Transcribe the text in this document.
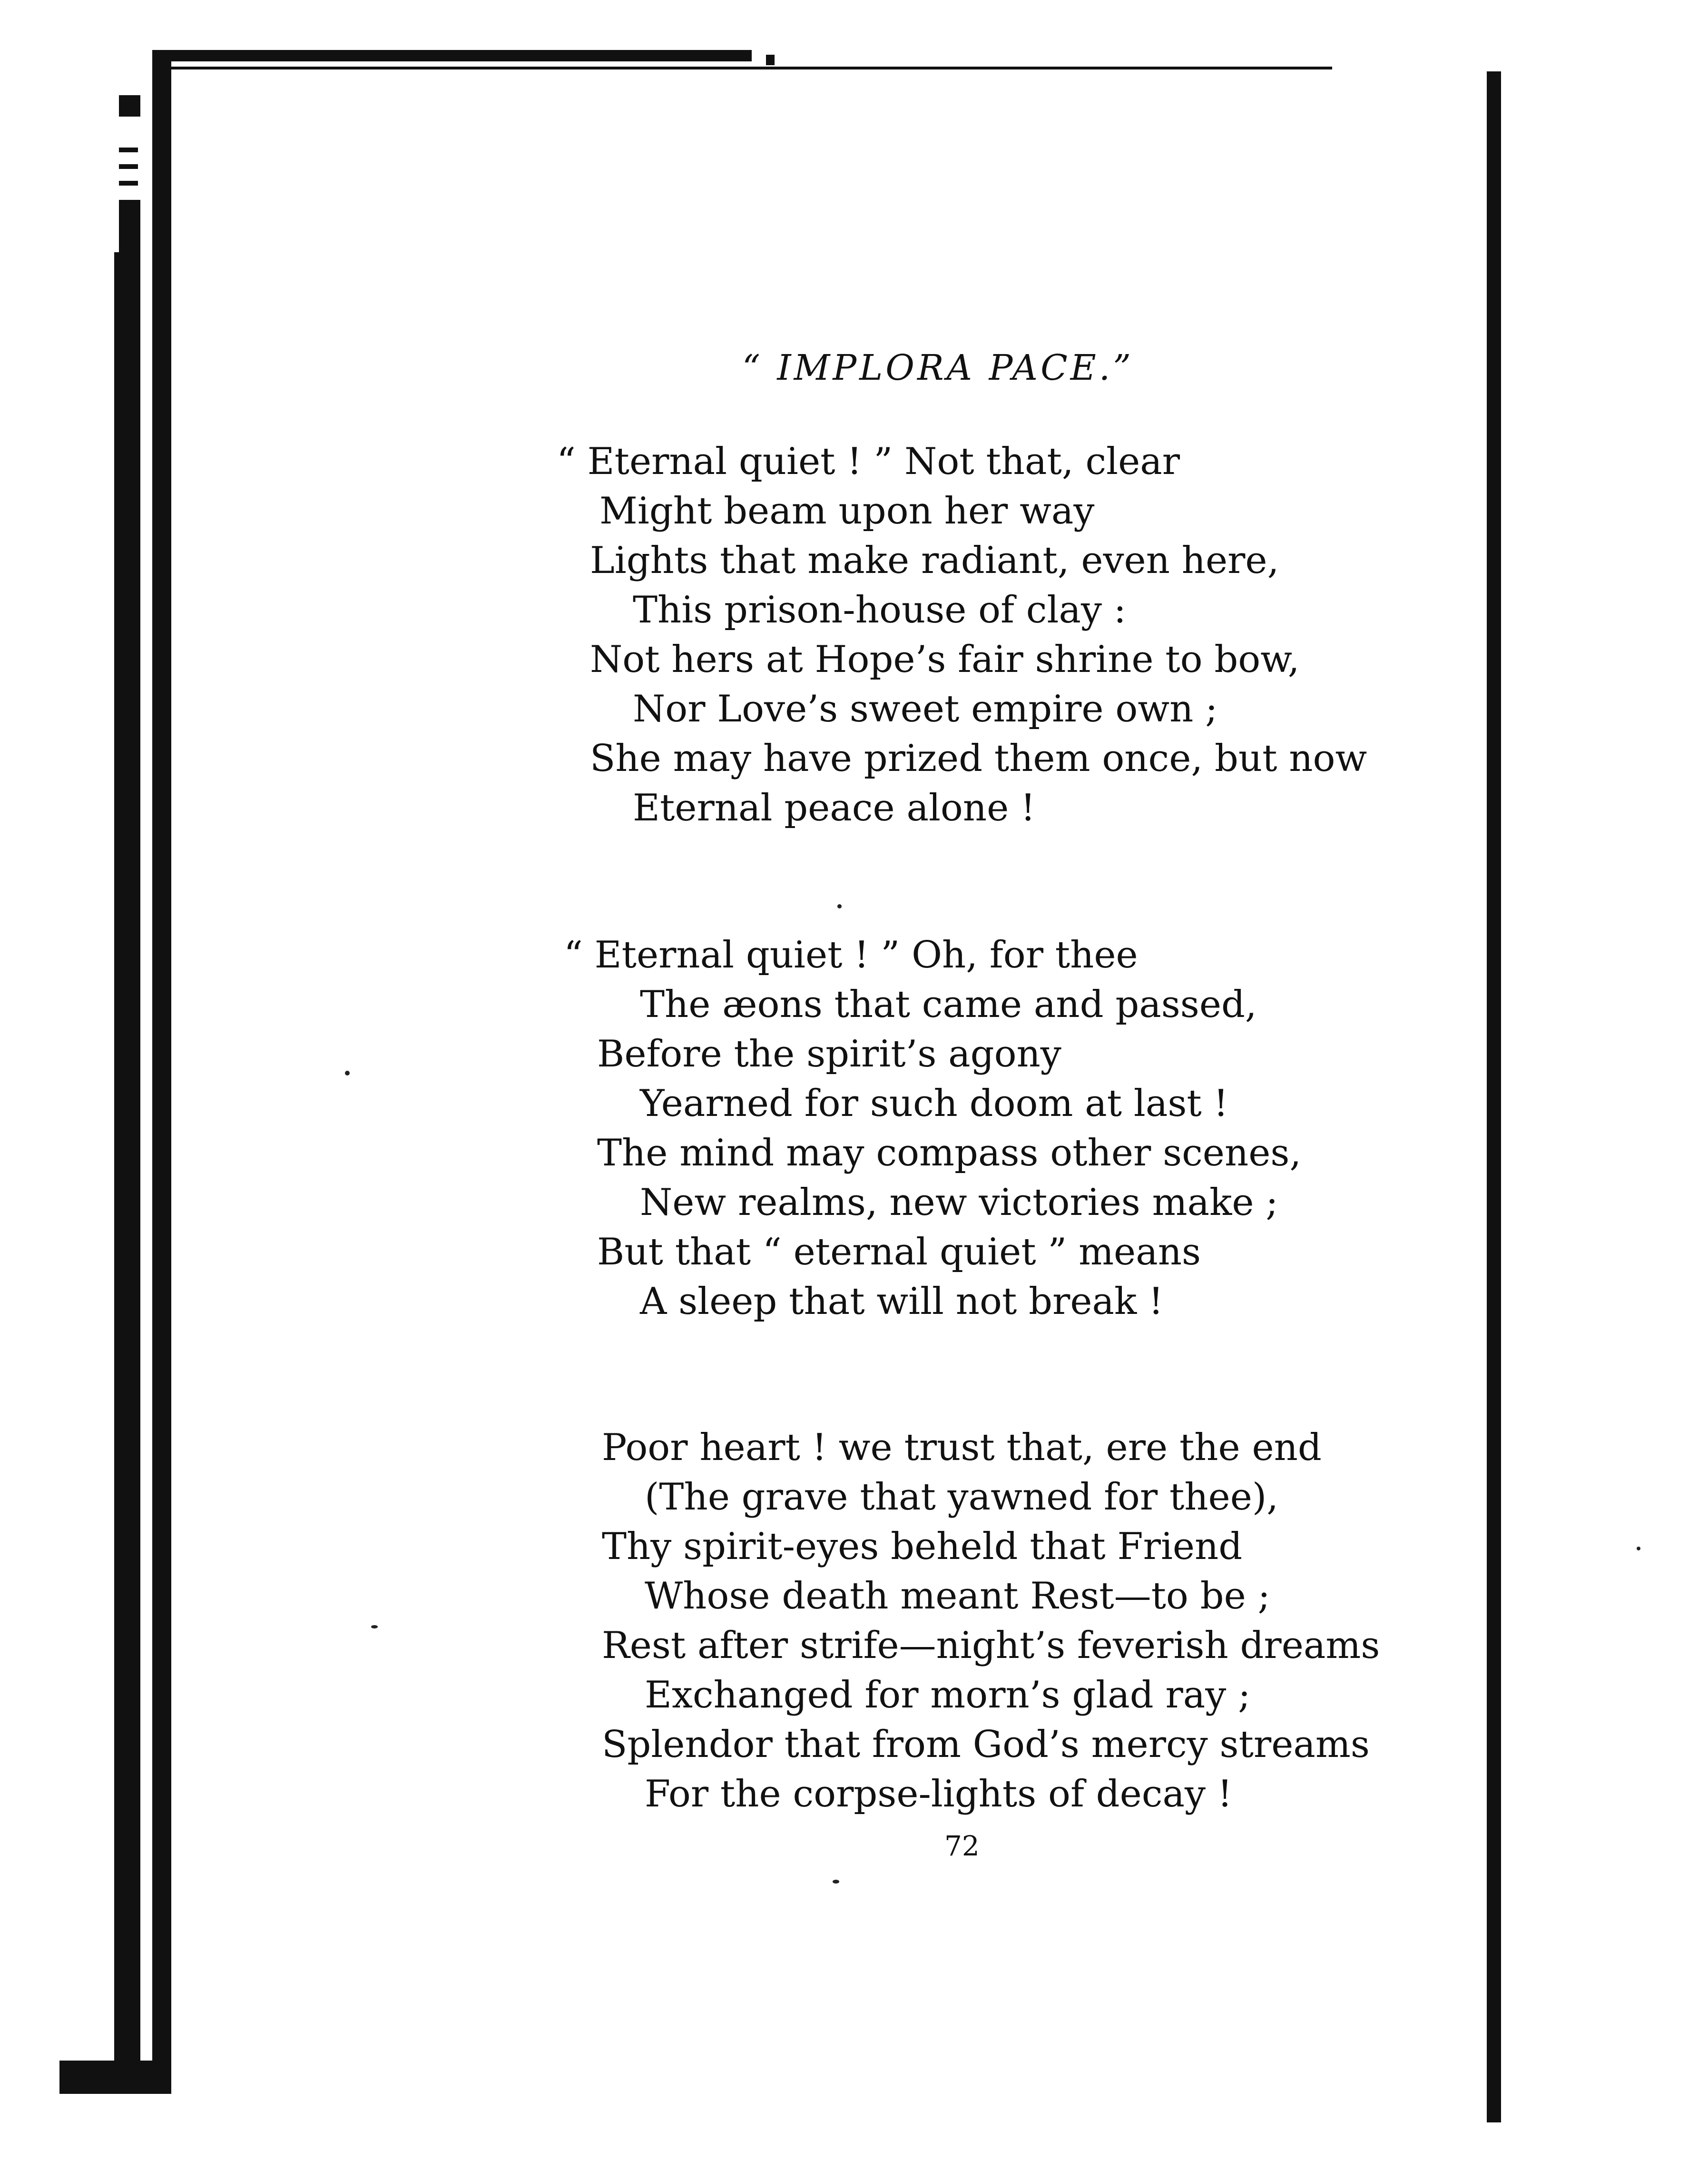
“ IMPLORA PACE.”
“ Eternal quiet ! ” Not that, clear
Might beam upon her way
Lights that make radiant, even here,
This prison-house of clay :
Not hers at Hope’s fair shrine to bow,
Nor Love’s sweet empire own ;
She may have prized them once, but now
Eternal peace alone !
“ Eternal quiet ! ” Oh, for thee
The æons that came and passed,
Before the spirit’s agony
Yearned for such doom at last !
The mind may compass other scenes,
New realms, new victories make ;
But that “ eternal quiet ” means
A sleep that will not break !
Poor heart ! we trust that, ere the end
(The grave that yawned for thee),
Thy spirit-eyes beheld that Friend
Whose death meant Rest—to be ;
Rest after strife—night’s feverish dreams
Exchanged for morn’s glad ray ;
Splendor that from God’s mercy streams
For the corpse-lights of decay !
72
